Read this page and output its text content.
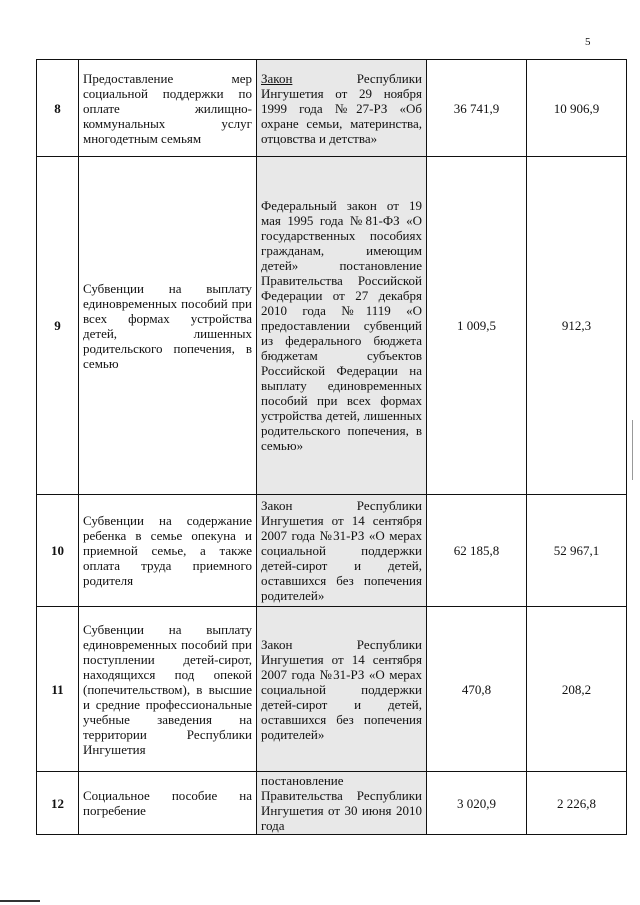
5
8	Предоставление мер социальной поддержки по оплате жилищно-коммунальных услуг многодетным семьям	Закон Республики Ингушетия от 29 ноября 1999 года №27-РЗ «Об охране семьи, материнства, отцовства и детства»	36 741,9	10 906,9
9	Субвенции на выплату единовременных пособий при всех формах устройства детей, лишенных родительского попечения, в семью	Федеральный закон от 19 мая 1995 года №81-ФЗ «О государственных пособиях гражданам, имеющим детей» постановление Правительства Российской Федерации от 27 декабря 2010 года №1119 «О предоставлении субвенций из федерального бюджета бюджетам субъектов Российской Федерации на выплату единовременных пособий при всех формах устройства детей, лишенных родительского попечения, в семью»	1 009,5	912,3
10	Субвенции на содержание ребенка в семье опекуна и приемной семье, а также оплата труда приемного родителя	Закон Республики Ингушетия от 14 сентября 2007 года №31-РЗ «О мерах социальной поддержки детей-сирот и детей, оставшихся без попечения родителей»	62 185,8	52 967,1
11	Субвенции на выплату единовременных пособий при поступлении детей-сирот, находящихся под опекой (попечительством), в высшие и средние профессиональные учебные заведения на территории Республики Ингушетия	Закон Республики Ингушетия от 14 сентября 2007 года №31-РЗ «О мерах социальной поддержки детей-сирот и детей, оставшихся без попечения родителей»	470,8	208,2
12	Социальное пособие на погребение	постановление Правительства Республики Ингушетия от 30 июня 2010 года	3 020,9	2 226,8
